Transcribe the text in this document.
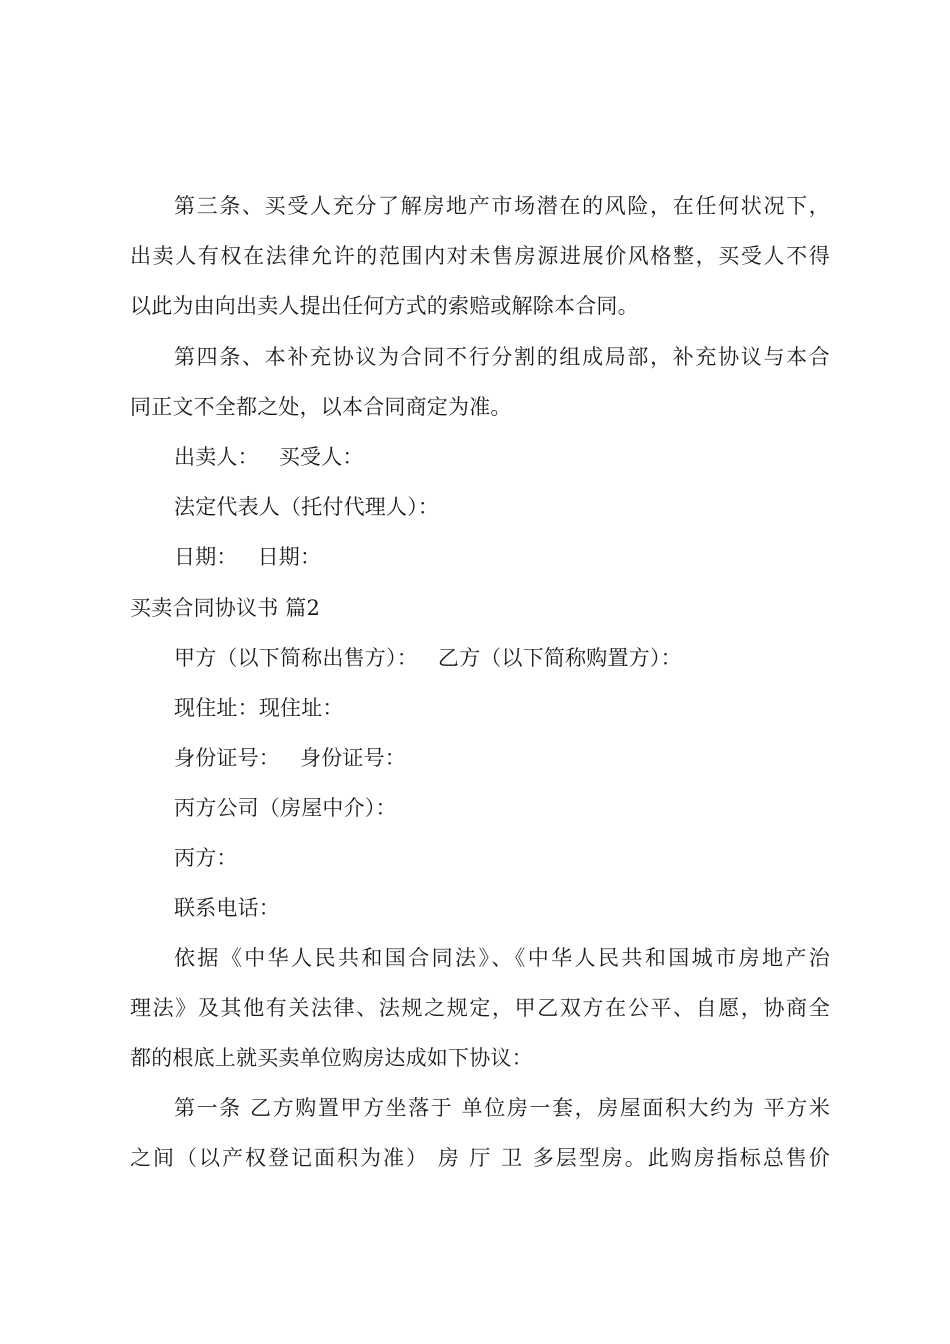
第三条、买受人充分了解房地产市场潜在的风险，在任何状况下，
出卖人有权在法律允许的范围内对未售房源进展价风格整，买受人不得
以此为由向出卖人提出任何方式的索赔或解除本合同。
第四条、本补充协议为合同不行分割的组成局部，补充协议与本合
同正文不全都之处，以本合同商定为准。
出卖人： 买受人：
法定代表人（托付代理人）：
日期： 日期：
买卖合同协议书 篇2
甲方（以下简称出售方）： 乙方（以下简称购置方）：
现住址：现住址：
身份证号： 身份证号：
丙方公司（房屋中介）：
丙方：
联系电话：
依据《中华人民共和国合同法》、《中华人民共和国城市房地产治
理法》及其他有关法律、法规之规定，甲乙双方在公平、自愿，协商全
都的根底上就买卖单位购房达成如下协议：
第一条 乙方购置甲方坐落于 单位房一套，房屋面积大约为 平方米
之间（以产权登记面积为准） 房 厅 卫 多层型房。此购房指标总售价
